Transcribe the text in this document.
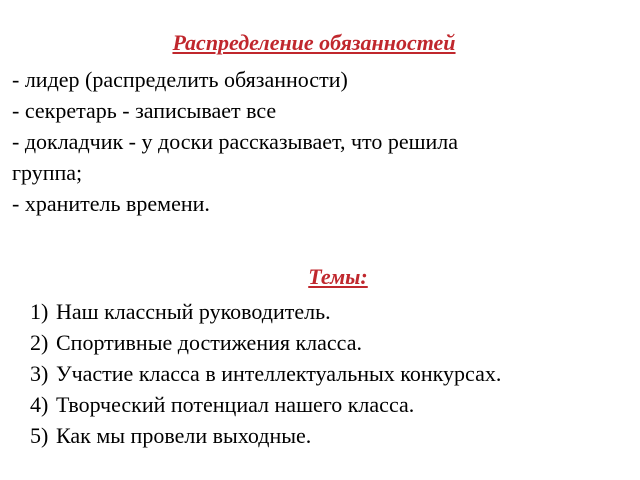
Распределение обязанностей
- лидер (распределить обязанности)
- секретарь - записывает все
- докладчик - у доски рассказывает, что решила
группа;
- хранитель времени.
Темы:
1) Наш классный руководитель.
2) Спортивные достижения класса.
3) Участие класса в интеллектуальных конкурсах.
4) Творческий потенциал нашего класса.
5) Как мы провели выходные.
